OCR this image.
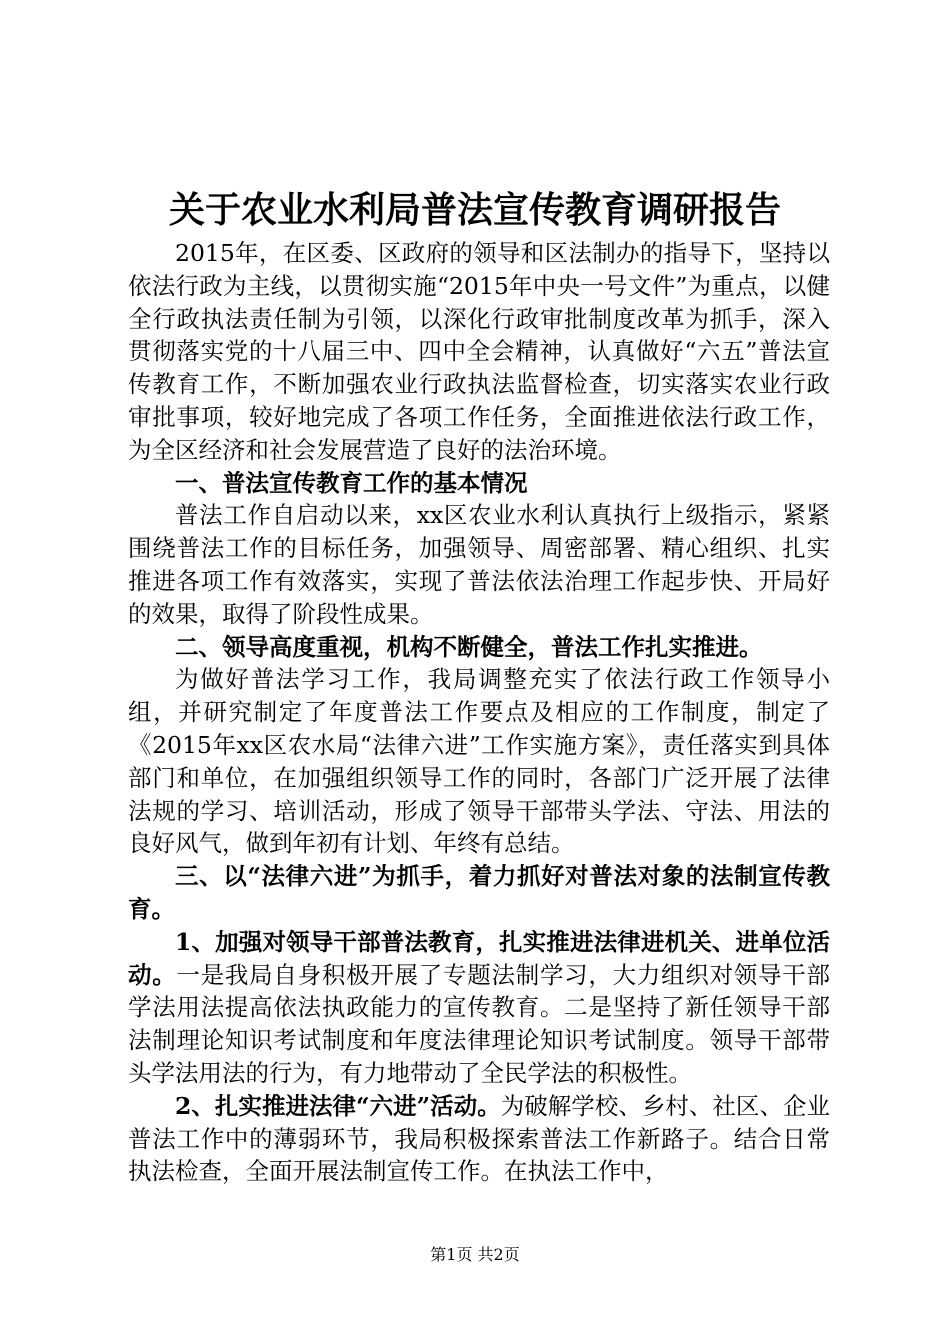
关于农业水利局普法宣传教育调研报告

2015年，在区委、区政府的领导和区法制办的指导下，坚持以依法行政为主线，以贯彻实施“2015年中央一号文件”为重点，以健全行政执法责任制为引领，以深化行政审批制度改革为抓手，深入贯彻落实党的十八届三中、四中全会精神，认真做好“六五”普法宣传教育工作，不断加强农业行政执法监督检查，切实落实农业行政审批事项，较好地完成了各项工作任务，全面推进依法行政工作，为全区经济和社会发展营造了良好的法治环境。

一、普法宣传教育工作的基本情况

普法工作自启动以来，xx区农业水利认真执行上级指示，紧紧围绕普法工作的目标任务，加强领导、周密部署、精心组织、扎实推进各项工作有效落实，实现了普法依法治理工作起步快、开局好的效果，取得了阶段性成果。

二、领导高度重视，机构不断健全，普法工作扎实推进。

为做好普法学习工作，我局调整充实了依法行政工作领导小组，并研究制定了年度普法工作要点及相应的工作制度，制定了《2015年xx区农水局“法律六进”工作实施方案》，责任落实到具体部门和单位，在加强组织领导工作的同时，各部门广泛开展了法律法规的学习、培训活动，形成了领导干部带头学法、守法、用法的良好风气，做到年初有计划、年终有总结。

三、以“法律六进”为抓手，着力抓好对普法对象的法制宣传教育。

1、加强对领导干部普法教育，扎实推进法律进机关、进单位活动。一是我局自身积极开展了专题法制学习，大力组织对领导干部学法用法提高依法执政能力的宣传教育。二是坚持了新任领导干部法制理论知识考试制度和年度法律理论知识考试制度。领导干部带头学法用法的行为，有力地带动了全民学法的积极性。

2、扎实推进法律“六进”活动。为破解学校、乡村、社区、企业普法工作中的薄弱环节，我局积极探索普法工作新路子。结合日常执法检查，全面开展法制宣传工作。在执法工作中，

第1页 共2页
